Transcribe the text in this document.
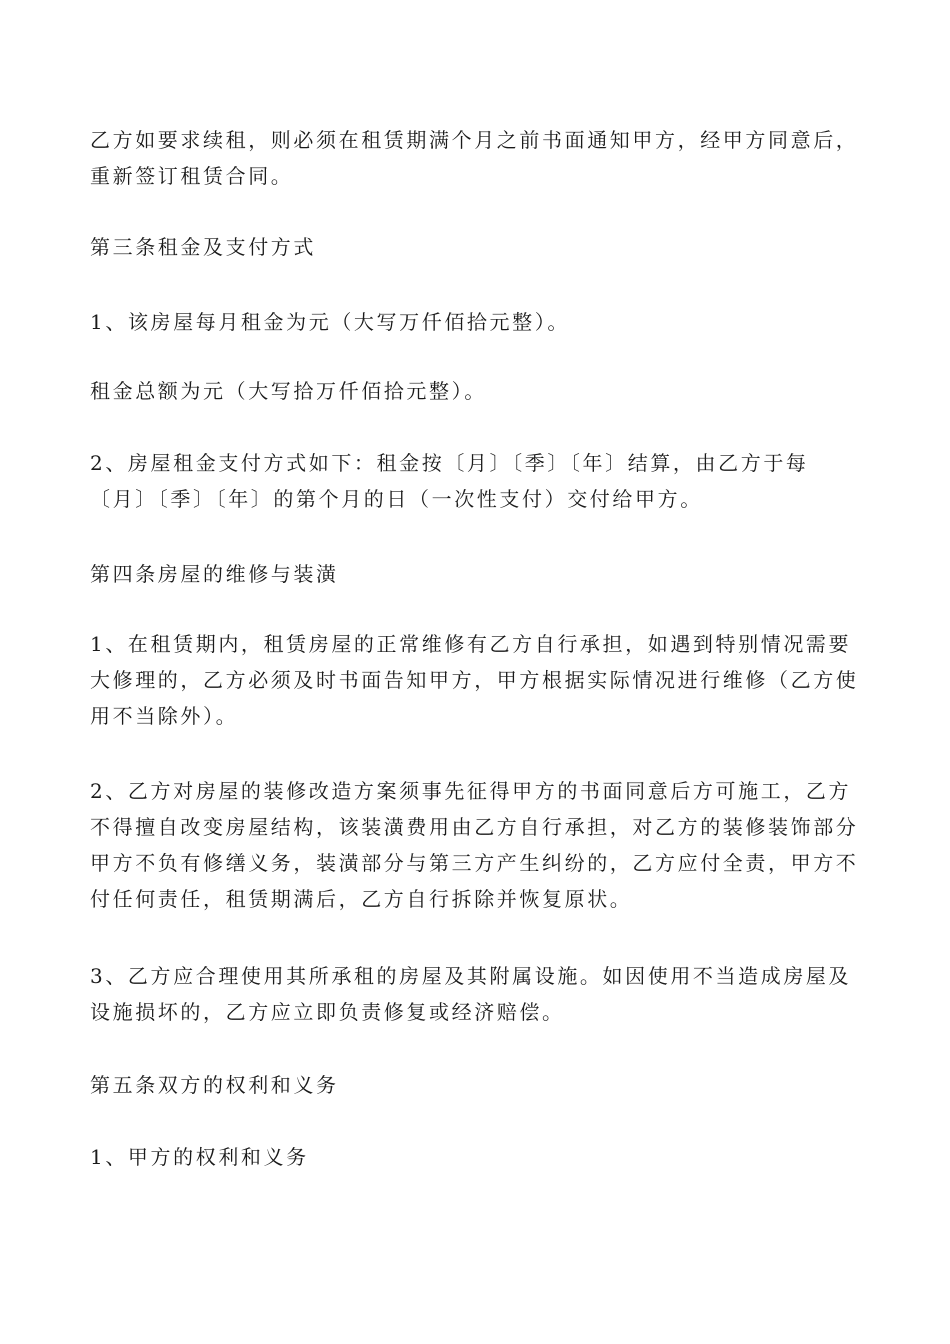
乙方如要求续租，则必须在租赁期满个月之前书面通知甲方，经甲方同意后，重新签订租赁合同。

第三条租金及支付方式

1、该房屋每月租金为元（大写万仟佰拾元整）。

租金总额为元（大写拾万仟佰拾元整）。

2、房屋租金支付方式如下：租金按〔月〕〔季〕〔年〕结算，由乙方于每〔月〕〔季〕〔年〕的第个月的日（一次性支付）交付给甲方。

第四条房屋的维修与装潢

1、在租赁期内，租赁房屋的正常维修有乙方自行承担，如遇到特别情况需要大修理的，乙方必须及时书面告知甲方，甲方根据实际情况进行维修（乙方使用不当除外）。

2、乙方对房屋的装修改造方案须事先征得甲方的书面同意后方可施工，乙方不得擅自改变房屋结构，该装潢费用由乙方自行承担，对乙方的装修装饰部分甲方不负有修缮义务，装潢部分与第三方产生纠纷的，乙方应付全责，甲方不付任何责任，租赁期满后，乙方自行拆除并恢复原状。

3、乙方应合理使用其所承租的房屋及其附属设施。如因使用不当造成房屋及设施损坏的，乙方应立即负责修复或经济赔偿。

第五条双方的权利和义务

1、甲方的权利和义务
